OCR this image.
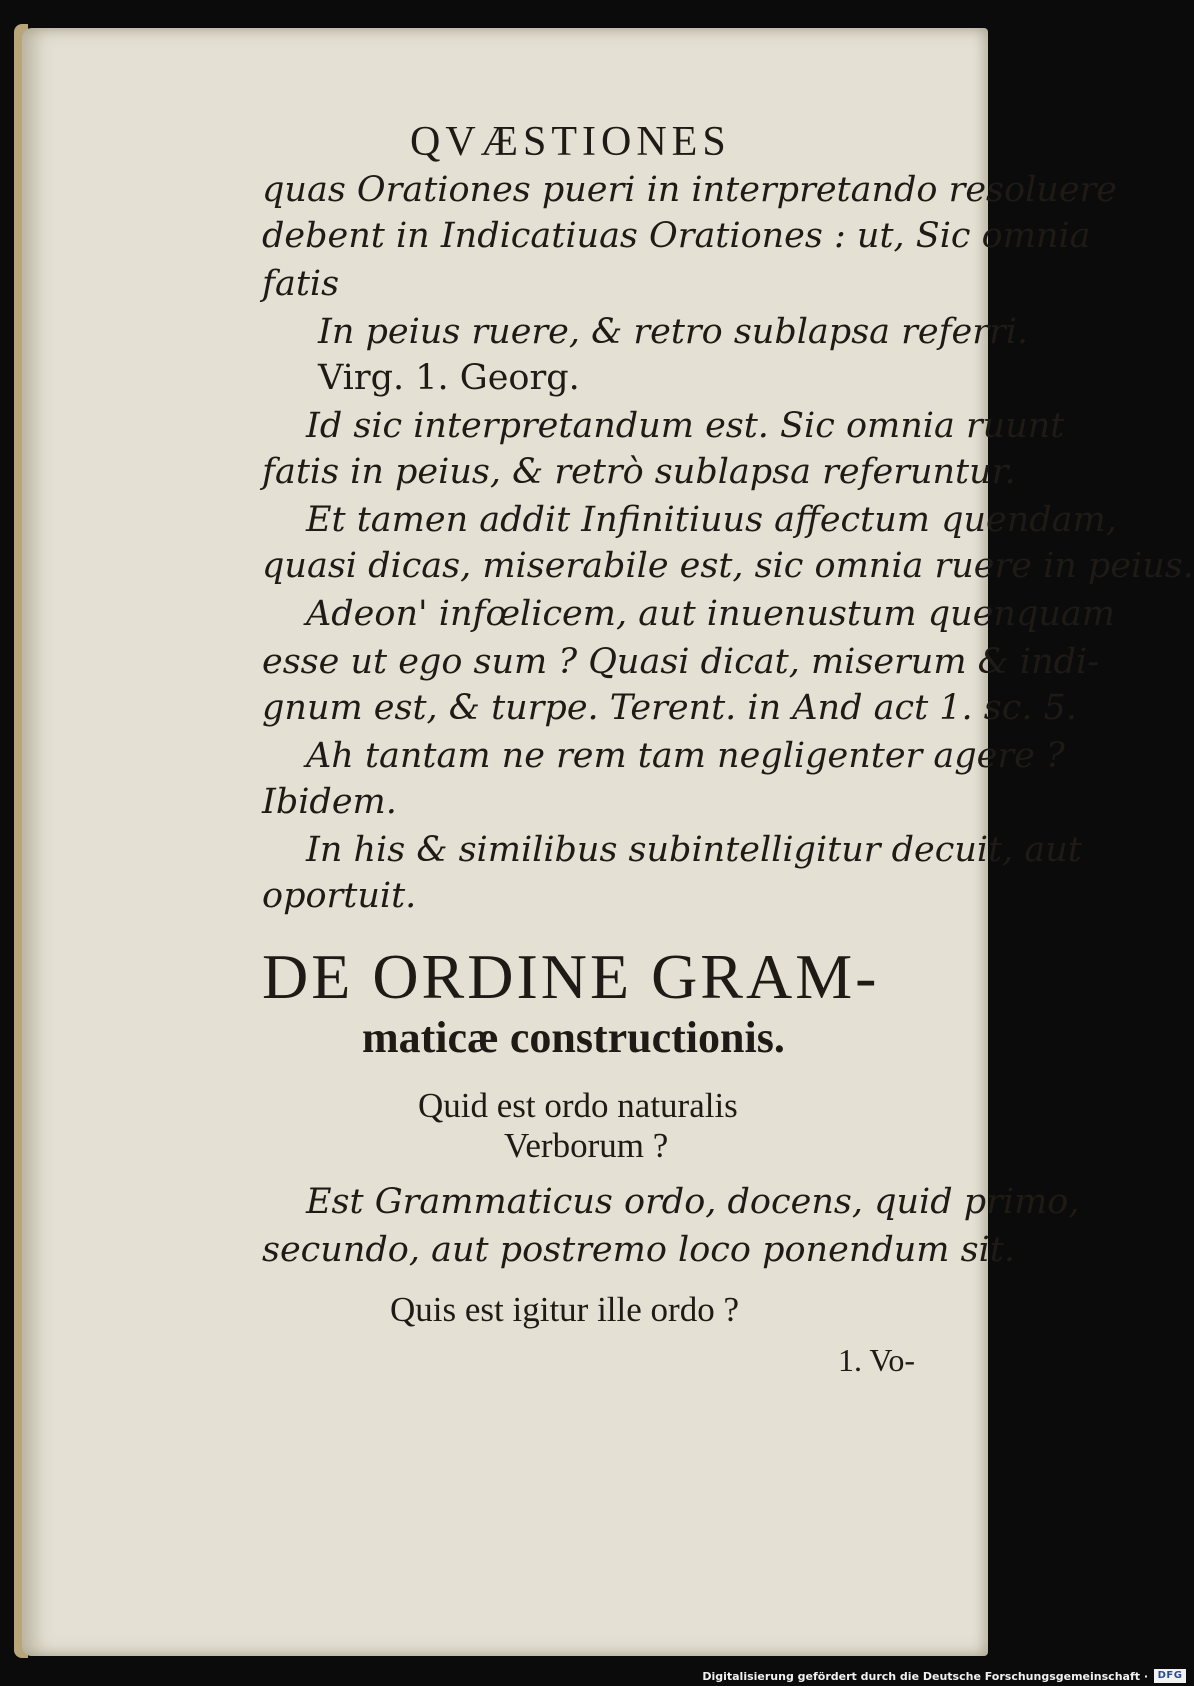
QVÆSTIONES

quas Orationes pueri in interpretando resoluere

debent in Indicatiuas Orationes : ut, Sic omnia

fatis

In peius ruere, & retro sublapsa referri.

Virg. 1. Georg.

Id sic interpretandum est. Sic omnia ruunt

fatis in peius, & retrò sublapsa referuntur.

Et tamen addit Infinitiuus affectum quendam,

quasi dicas, miserabile est, sic omnia ruere in peius.

Adeon' infœlicem, aut inuenustum quenquam

esse ut ego sum ? Quasi dicat, miserum & indi-

gnum est, & turpe. Terent. in And act 1. sc. 5.

Ah tantam ne rem tam negligenter agere ?

Ibidem.

In his & similibus subintelligitur decuit, aut

oportuit.

DE ORDINE GRAM-
maticæ constructionis.

Quid est ordo naturalis

Verborum ?

Est Grammaticus ordo, docens, quid primo,

secundo, aut postremo loco ponendum sit.

Quis est igitur ille ordo ?

1. Vo-

Digitalisierung gefördert durch die Deutsche Forschungsgemeinschaft · DFG
